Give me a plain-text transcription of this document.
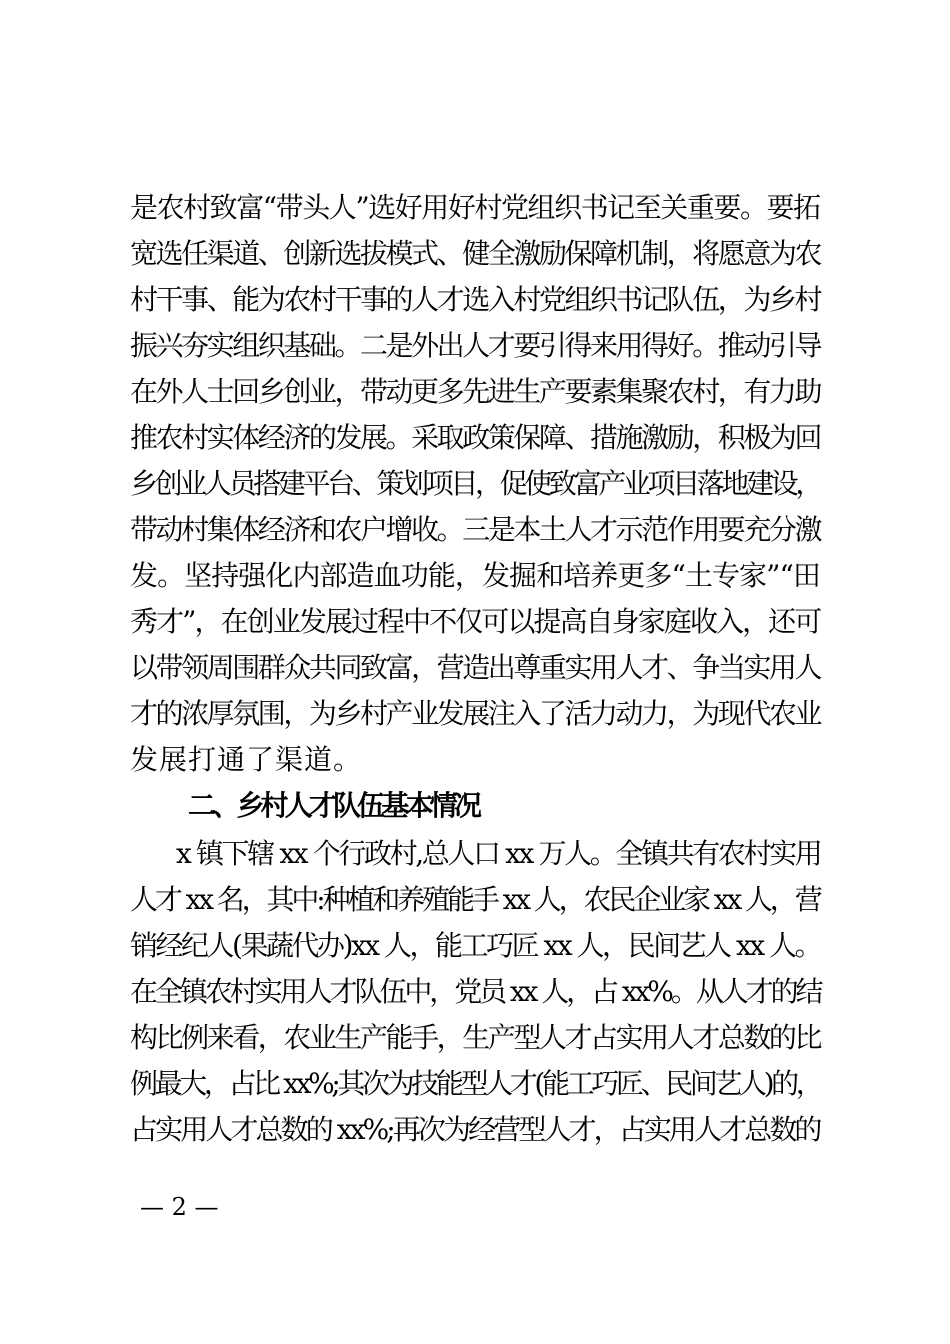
是农村致富“带头人”选好用好村党组织书记至关重要。要拓
宽选任渠道、创新选拔模式、健全激励保障机制，将愿意为农
村干事、能为农村干事的人才选入村党组织书记队伍，为乡村
振兴夯实组织基础。二是外出人才要引得来用得好。推动引导
在外人士回乡创业，带动更多先进生产要素集聚农村，有力助
推农村实体经济的发展。采取政策保障、措施激励，积极为回
乡创业人员搭建平台、策划项目，促使致富产业项目落地建设，
带动村集体经济和农户增收。三是本土人才示范作用要充分激
发。坚持强化内部造血功能，发掘和培养更多“土专家”“田
秀才”，在创业发展过程中不仅可以提高自身家庭收入，还可
以带领周围群众共同致富，营造出尊重实用人才、争当实用人
才的浓厚氛围，为乡村产业发展注入了活力动力，为现代农业
发展打通了渠道。
二、乡村人才队伍基本情况
x 镇下辖 xx 个行政村,总人口 xx 万人。全镇共有农村实用
人才 xx 名，其中:种植和养殖能手 xx 人，农民企业家 xx 人，营
销经纪人(果蔬代办)xx 人，能工巧匠 xx 人，民间艺人 xx 人。
在全镇农村实用人才队伍中，党员 xx 人，占 xx%。从人才的结
构比例来看，农业生产能手，生产型人才占实用人才总数的比
例最大，占比 xx%;其次为技能型人才(能工巧匠、民间艺人)的，
占实用人才总数的 xx%;再次为经营型人才，占实用人才总数的
— 2 —
